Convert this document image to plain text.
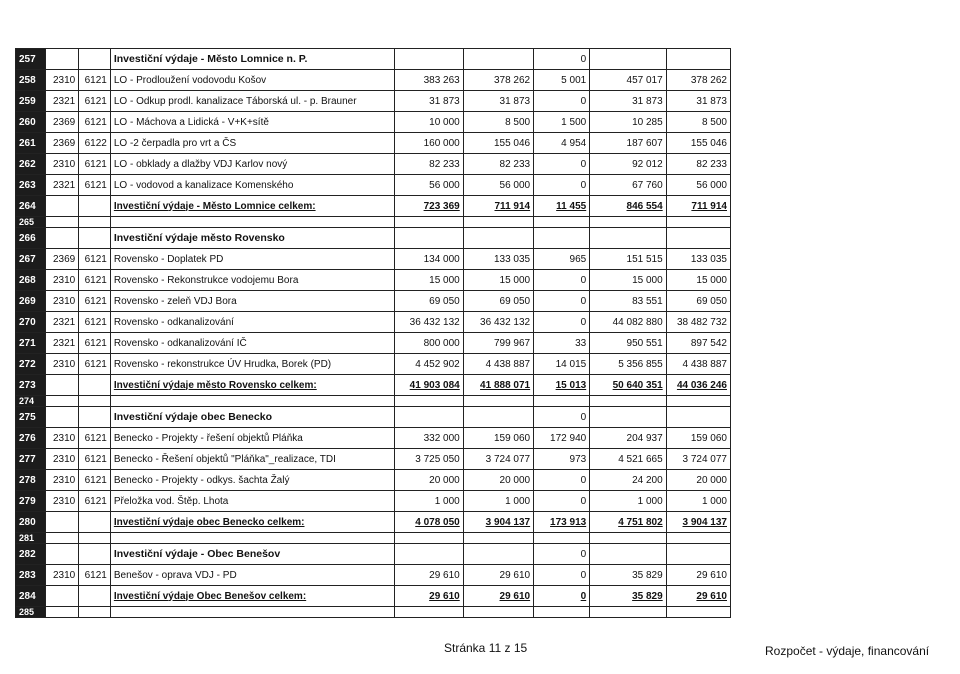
257			Investiční výdaje - Město Lomnice n. P.			0		
258	2310	6121	LO - Prodloužení vodovodu Košov	383 263	378 262	5 001	457 017	378 262
259	2321	6121	LO - Odkup prodl. kanalizace Táborská ul. - p. Brauner	31 873	31 873	0	31 873	31 873
260	2369	6121	LO - Máchova a Lidická - V+K+sítě	10 000	8 500	1 500	10 285	8 500
261	2369	6122	LO -2 čerpadla pro vrt a ČS	160 000	155 046	4 954	187 607	155 046
262	2310	6121	LO - obklady a dlažby VDJ Karlov nový	82 233	82 233	0	92 012	82 233
263	2321	6121	LO - vodovod a kanalizace Komenského	56 000	56 000	0	67 760	56 000
264			Investiční výdaje - Město Lomnice celkem:	723 369	711 914	11 455	846 554	711 914
265								
266			Investiční výdaje město Rovensko					
267	2369	6121	Rovensko - Doplatek PD	134 000	133 035	965	151 515	133 035
268	2310	6121	Rovensko - Rekonstrukce vodojemu Bora	15 000	15 000	0	15 000	15 000
269	2310	6121	Rovensko - zeleň VDJ Bora	69 050	69 050	0	83 551	69 050
270	2321	6121	Rovensko - odkanalizování	36 432 132	36 432 132	0	44 082 880	38 482 732
271	2321	6121	Rovensko - odkanalizování IČ	800 000	799 967	33	950 551	897 542
272	2310	6121	Rovensko - rekonstrukce ÚV Hrudka, Borek (PD)	4 452 902	4 438 887	14 015	5 356 855	4 438 887
273			Investiční výdaje město Rovensko celkem:	41 903 084	41 888 071	15 013	50 640 351	44 036 246
274								
275			Investiční výdaje obec Benecko			0		
276	2310	6121	Benecko - Projekty - řešení objektů Pláňka	332 000	159 060	172 940	204 937	159 060
277	2310	6121	Benecko - Řešení objektů "Pláňka"_realizace, TDI	3 725 050	3 724 077	973	4 521 665	3 724 077
278	2310	6121	Benecko - Projekty - odkys. šachta Žalý	20 000	20 000	0	24 200	20 000
279	2310	6121	Přeložka vod. Štěp. Lhota	1 000	1 000	0	1 000	1 000
280			Investiční výdaje obec Benecko celkem:	4 078 050	3 904 137	173 913	4 751 802	3 904 137
281								
282			Investiční výdaje - Obec Benešov			0		
283	2310	6121	Benešov - oprava VDJ - PD	29 610	29 610	0	35 829	29 610
284			Investiční výdaje Obec Benešov celkem:	29 610	29 610	0	35 829	29 610
285								
Stránka 11 z 15	Rozpočet - výdaje, financování
